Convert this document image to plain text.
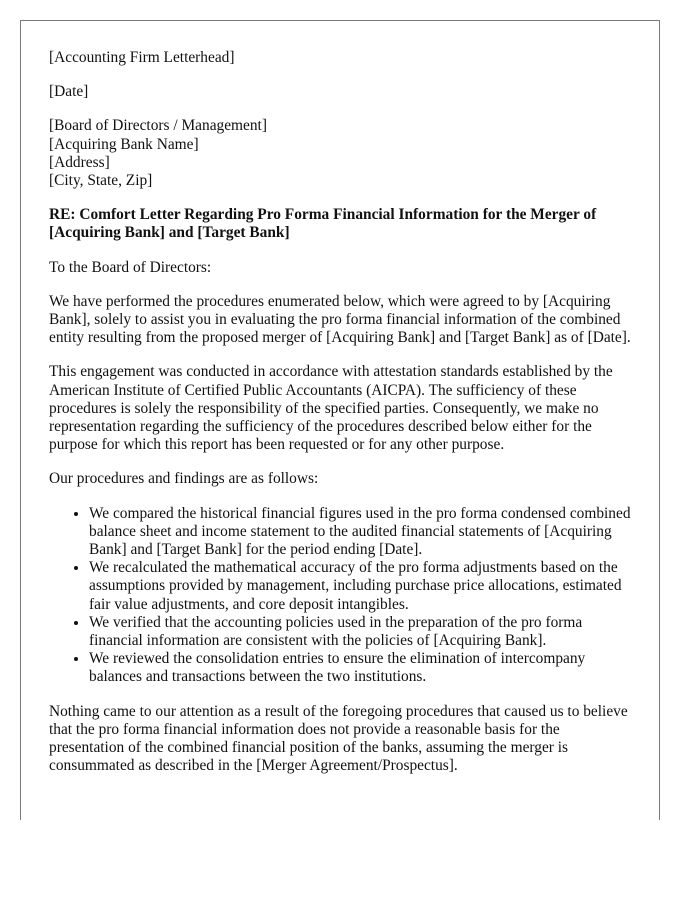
[Accounting Firm Letterhead]

[Date]

[Board of Directors / Management]
[Acquiring Bank Name]
[Address]
[City, State, Zip]

RE: Comfort Letter Regarding Pro Forma Financial Information for the Merger of [Acquiring Bank] and [Target Bank]

To the Board of Directors:

We have performed the procedures enumerated below, which were agreed to by [Acquiring Bank], solely to assist you in evaluating the pro forma financial information of the combined entity resulting from the proposed merger of [Acquiring Bank] and [Target Bank] as of [Date].

This engagement was conducted in accordance with attestation standards established by the American Institute of Certified Public Accountants (AICPA). The sufficiency of these procedures is solely the responsibility of the specified parties. Consequently, we make no representation regarding the sufficiency of the procedures described below either for the purpose for which this report has been requested or for any other purpose.

Our procedures and findings are as follows:

• We compared the historical financial figures used in the pro forma condensed combined balance sheet and income statement to the audited financial statements of [Acquiring Bank] and [Target Bank] for the period ending [Date].
• We recalculated the mathematical accuracy of the pro forma adjustments based on the assumptions provided by management, including purchase price allocations, estimated fair value adjustments, and core deposit intangibles.
• We verified that the accounting policies used in the preparation of the pro forma financial information are consistent with the policies of [Acquiring Bank].
• We reviewed the consolidation entries to ensure the elimination of intercompany balances and transactions between the two institutions.

Nothing came to our attention as a result of the foregoing procedures that caused us to believe that the pro forma financial information does not provide a reasonable basis for the presentation of the combined financial position of the banks, assuming the merger is consummated as described in the [Merger Agreement/Prospectus].
